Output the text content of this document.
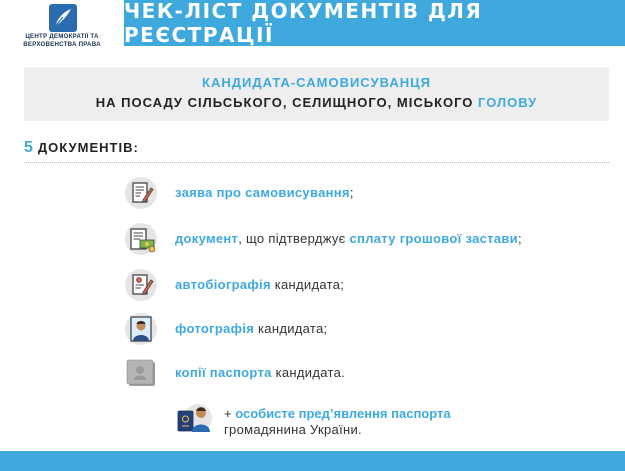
ЦЕНТР ДЕМОКРАТІЇ ТА
ВЕРХОВЕНСТВА ПРАВА
ЧЕК-ЛІСТ ДОКУМЕНТІВ ДЛЯ РЕЄСТРАЦІЇ
КАНДИДАТА-САМОВИСУВАНЦЯ
НА ПОСАДУ СІЛЬСЬКОГО, СЕЛИЩНОГО, МІСЬКОГО ГОЛОВУ
5 ДОКУМЕНТІВ:
заява про самовисування;
документ, що підтверджує сплату грошової застави;
автобіографія кандидата;
фотографія кандидата;
копії паспорта кандидата.
+ особисте пред’явлення паспорта
громадянина України.
